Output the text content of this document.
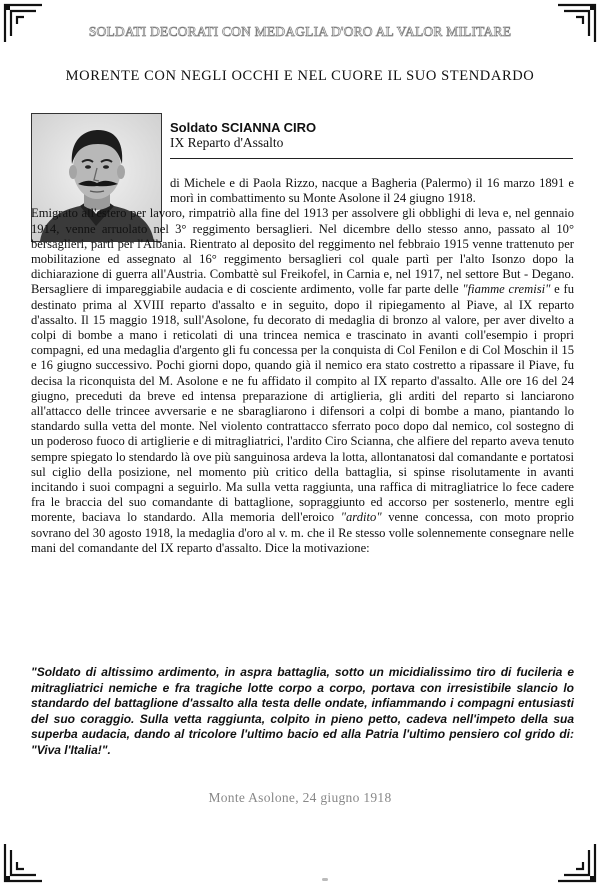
SOLDATI DECORATI CON MEDAGLIA D'ORO AL VALOR MILITARE
MORENTE CON NEGLI OCCHI E NEL CUORE IL SUO STENDARDO
Soldato SCIANNA CIRO
IX Reparto d'Assalto

di Michele e di Paola Rizzo, nacque a Bagheria (Palermo) il 16 marzo 1891 e morì in combattimento su Monte Asolone il 24 giugno 1918.

Emigrato all'estero per lavoro, rimpatriò alla fine del 1913 per assolvere gli obblighi di leva e, nel gennaio 1914, venne arruolato nel 3° reggimento bersaglieri. Nel dicembre dello stesso anno, passato al 10° bersaglieri, partì per l'Albania. Rientrato al deposito del reggimento nel febbraio 1915 venne trattenuto per mobilitazione ed assegnato al 16° reggimento bersaglieri col quale partì per l'alto Isonzo dopo la dichiarazione di guerra all'Austria. Combattè sul Freikofel, in Carnia e, nel 1917, nel settore But - Degano. Bersagliere di impareggiabile audacia e di cosciente ardimento, volle far parte delle "fiamme cremisi" e fu destinato prima al XVIII reparto d'assalto e in seguito, dopo il ripiegamento al Piave, al IX reparto d'assalto. Il 15 maggio 1918, sull'Asolone, fu decorato di medaglia di bronzo al valore, per aver divelto a colpi di bombe a mano i reticolati di una trincea nemica e trascinato in avanti coll'esempio i propri compagni, ed una medaglia d'argento gli fu concessa per la conquista di Col Fenilon e di Col Moschin il 15 e 16 giugno successivo. Pochi giorni dopo, quando già il nemico era stato costretto a ripassare il Piave, fu decisa la riconquista del M. Asolone e ne fu affidato il compito al IX reparto d'assalto. Alle ore 16 del 24 giugno, preceduti da breve ed intensa preparazione di artiglieria, gli arditi del reparto si lanciarono all'attacco delle trincee avversarie e ne sbaragliarono i difensori a colpi di bombe a mano, piantando lo standardo sulla vetta del monte. Nel violento contrattacco sferrato poco dopo dal nemico, col sostegno di un poderoso fuoco di artiglierie e di mitragliatrici, l'ardito Ciro Scianna, che alfiere del reparto aveva tenuto sempre spiegato lo stendardo là ove più sanguinosa ardeva la lotta, allontanatosi dal comandante e portatosi sul ciglio della posizione, nel momento più critico della battaglia, si spinse risolutamente in avanti incitando i suoi compagni a seguirlo. Ma sulla vetta raggiunta, una raffica di mitragliatrice lo fece cadere fra le braccia del suo comandante di battaglione, sopraggiunto ed accorso per sostenerlo, mentre egli morente, baciava lo standardo. Alla memoria dell'eroico "ardito" venne concessa, con moto proprio sovrano del 30 agosto 1918, la medaglia d'oro al v. m. che il Re stesso volle solennemente consegnare nelle mani del comandante del IX reparto d'assalto. Dice la motivazione:

"Soldato di altissimo ardimento, in aspra battaglia, sotto un micidialissimo tiro di fucileria e mitragliatrici nemiche e fra tragiche lotte corpo a corpo, portava con irresistibile slancio lo standardo del battaglione d'assalto alla testa delle ondate, infiammando i compagni entusiasti del suo coraggio. Sulla vetta raggiunta, colpito in pieno petto, cadeva nell'impeto della sua superba audacia, dando al tricolore l'ultimo bacio ed alla Patria l'ultimo pensiero col grido di: "Viva l'Italia!".
Monte Asolone, 24 giugno 1918
